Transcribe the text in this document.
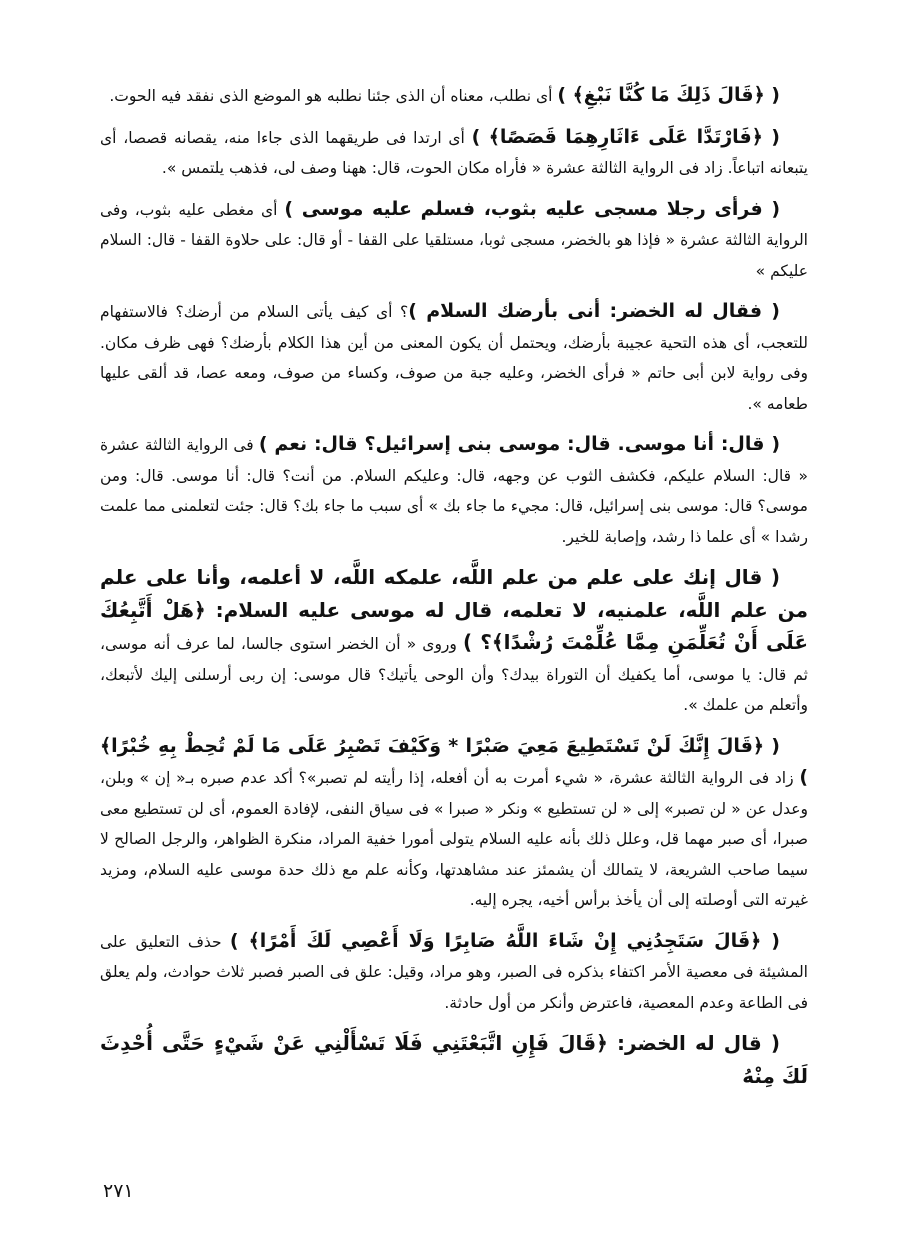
( ﴿قَالَ ذَلِكَ مَا كُنَّا نَبْغِ﴾ ) أى نطلب، معناه أن الذى جئنا نطلبه هو الموضع الذى نفقد فيه الحوت.

( ﴿فَارْتَدَّا عَلَى ءَاثَارِهِمَا قَصَصًا﴾ ) أى ارتدا فى طريقهما الذى جاءا منه، يقصانه قصصا، أى يتبعانه اتباعاً. زاد فى الرواية الثالثة عشرة « فأراه مكان الحوت، قال: ههنا وصف لى، فذهب يلتمس ».

( فرأى رجلا مسجى عليه بثوب، فسلم عليه موسى ) أى مغطى عليه بثوب، وفى الرواية الثالثة عشرة « فإذا هو بالخضر، مسجى ثوبا، مستلقيا على القفا - أو قال: على حلاوة القفا - قال: السلام عليكم »

( فقال له الخضر: أنى بأرضك السلام )؟ أى كيف يأتى السلام من أرضك؟ فالاستفهام للتعجب، أى هذه التحية عجيبة بأرضك، ويحتمل أن يكون المعنى من أين هذا الكلام بأرضك؟ فهى ظرف مكان. وفى رواية لابن أبى حاتم « فرأى الخضر، وعليه جبة من صوف، وكساء من صوف، ومعه عصا، قد ألقى عليها طعامه ».

( قال: أنا موسى. قال: موسى بنى إسرائيل؟ قال: نعم ) فى الرواية الثالثة عشرة « قال: السلام عليكم، فكشف الثوب عن وجهه، قال: وعليكم السلام. من أنت؟ قال: أنا موسى. قال: ومن موسى؟ قال: موسى بنى إسرائيل، قال: مجيء ما جاء بك » أى سبب ما جاء بك؟ قال: جئت لتعلمنى مما علمت رشدا » أى علما ذا رشد، وإصابة للخير.

( قال إنك على علم من علم اللَّه، علمكه اللَّه، لا أعلمه، وأنا على علم من علم اللَّه، علمنيه، لا تعلمه، قال له موسى عليه السلام: ﴿هَلْ أَتَّبِعُكَ عَلَى أَنْ تُعَلِّمَنِ مِمَّا عُلِّمْتَ رُشْدًا﴾؟ ) وروى « أن الخضر استوى جالسا، لما عرف أنه موسى، ثم قال: يا موسى، أما يكفيك أن التوراة بيدك؟ وأن الوحى يأتيك؟ قال موسى: إن ربى أرسلنى إليك لأتبعك، وأتعلم من علمك ».

( ﴿قَالَ إِنَّكَ لَنْ تَسْتَطِيعَ مَعِيَ صَبْرًا * وَكَيْفَ تَصْبِرُ عَلَى مَا لَمْ تُحِطْ بِهِ خُبْرًا﴾ ) زاد فى الرواية الثالثة عشرة، « شيء أمرت به أن أفعله، إذا رأيته لم تصبر»؟ أكد عدم صبره بـ« إن » وبلن، وعدل عن « لن تصبر» إلى « لن تستطيع » ونكر « صبرا » فى سياق النفى، لإفادة العموم، أى لن تستطيع معى صبرا، أى صبر مهما قل، وعلل ذلك بأنه عليه السلام يتولى أمورا خفية المراد، منكرة الظواهر، والرجل الصالح لا سيما صاحب الشريعة، لا يتمالك أن يشمئز عند مشاهدتها، وكأنه علم مع ذلك حدة موسى عليه السلام، ومزيد غيرته التى أوصلته إلى أن يأخذ برأس أخيه، يجره إليه.

( ﴿قَالَ سَتَجِدُنِي إِنْ شَاءَ اللَّهُ صَابِرًا وَلَا أَعْصِي لَكَ أَمْرًا﴾ ) حذف التعليق على المشيئة فى معصية الأمر اكتفاء بذكره فى الصبر، وهو مراد، وقيل: علق فى الصبر فصبر ثلاث حوادث، ولم يعلق فى الطاعة وعدم المعصية، فاعترض وأنكر من أول حادثة.

( قال له الخضر: ﴿قَالَ فَإِنِ اتَّبَعْتَنِي فَلَا تَسْأَلْنِي عَنْ شَيْءٍ حَتَّى أُحْدِثَ لَكَ مِنْهُ

٢٧١
